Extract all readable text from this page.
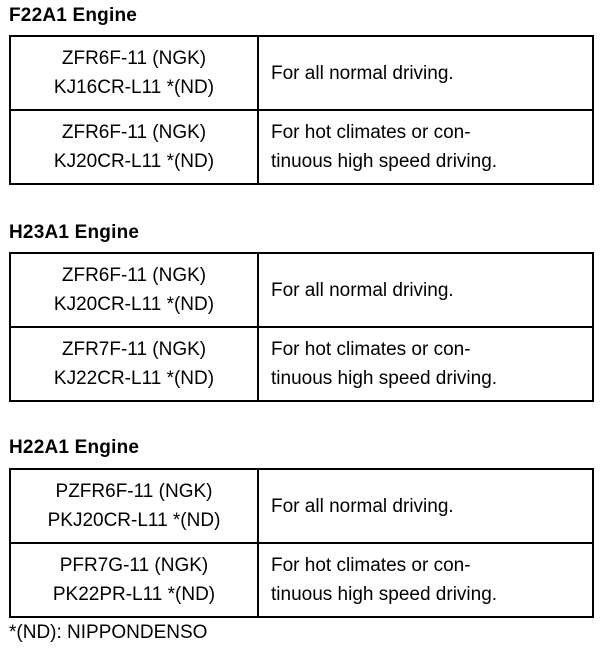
F22A1 Engine
ZFR6F-11 (NGK)
KJ16CR-L11 *(ND)	For all normal driving.

ZFR6F-11 (NGK)
KJ20CR-L11 *(ND)	For hot climates or con-
tinuous high speed driving.
H23A1 Engine
ZFR6F-11 (NGK)
KJ20CR-L11 *(ND)	For all normal driving.

ZFR7F-11 (NGK)
KJ22CR-L11 *(ND)	For hot climates or con-
tinuous high speed driving.
H22A1 Engine
PZFR6F-11 (NGK)
PKJ20CR-L11 *(ND)	For all normal driving.

PFR7G-11 (NGK)
PK22PR-L11 *(ND)	For hot climates or con-
tinuous high speed driving.
*(ND): NIPPONDENSO
